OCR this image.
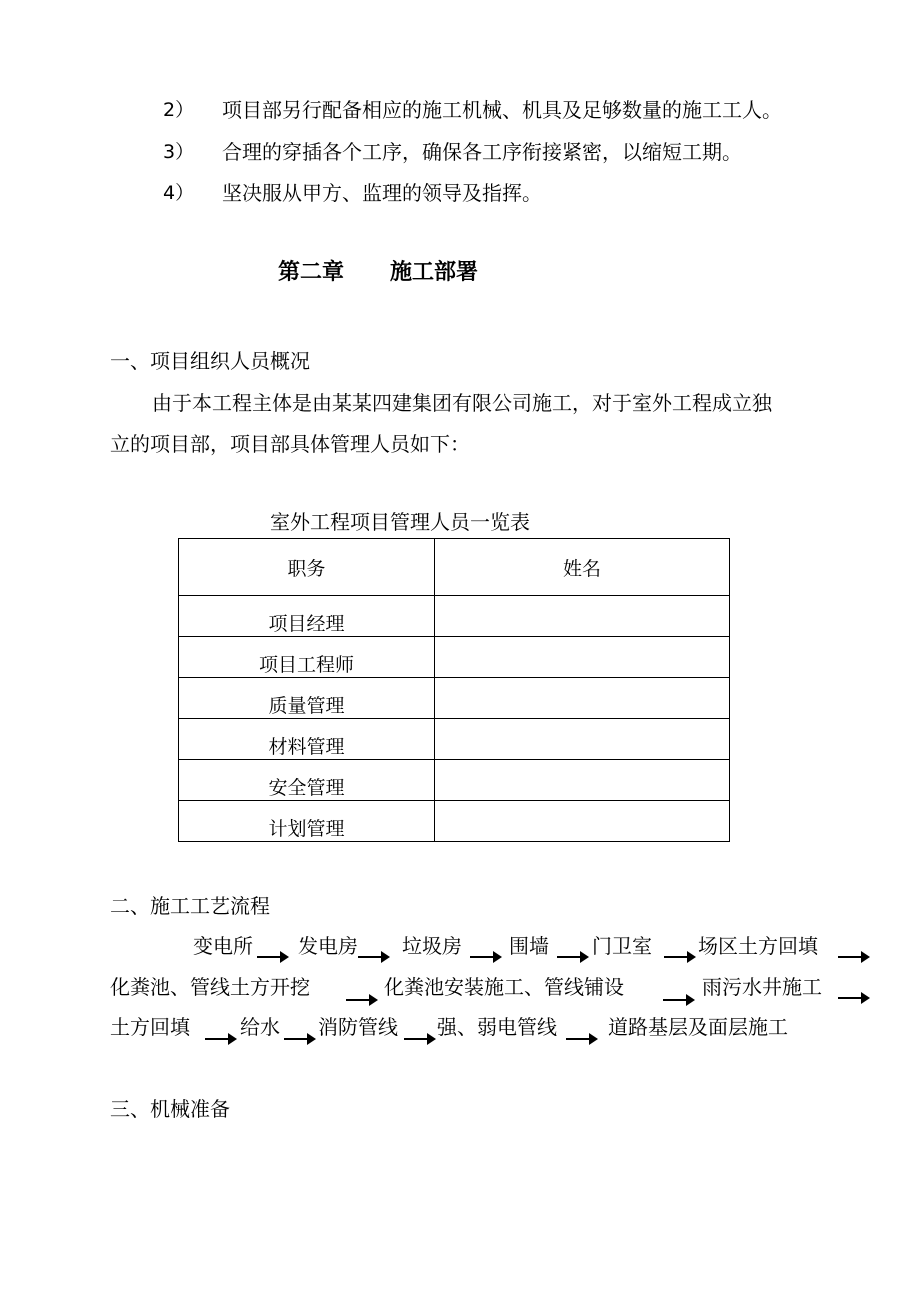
2） 项目部另行配备相应的施工机械、机具及足够数量的施工工人。
3） 合理的穿插各个工序，确保各工序衔接紧密，以缩短工期。
4） 坚决服从甲方、监理的领导及指挥。
第二章 施工部署
一、项目组织人员概况
由于本工程主体是由某某四建集团有限公司施工，对于室外工程成立独
立的项目部，项目部具体管理人员如下：
室外工程项目管理人员一览表
职务	姓名
项目经理	
项目工程师	
质量管理	
材料管理	
安全管理	
计划管理	
二、施工工艺流程
变电所 发电房 垃圾房 围墙 门卫室 场区土方回填
化粪池、管线土方开挖	化粪池安装施工、管线铺设	雨污水井施工
土方回填	给水 消防管线 强、弱电管线	道路基层及面层施工
三、机械准备
